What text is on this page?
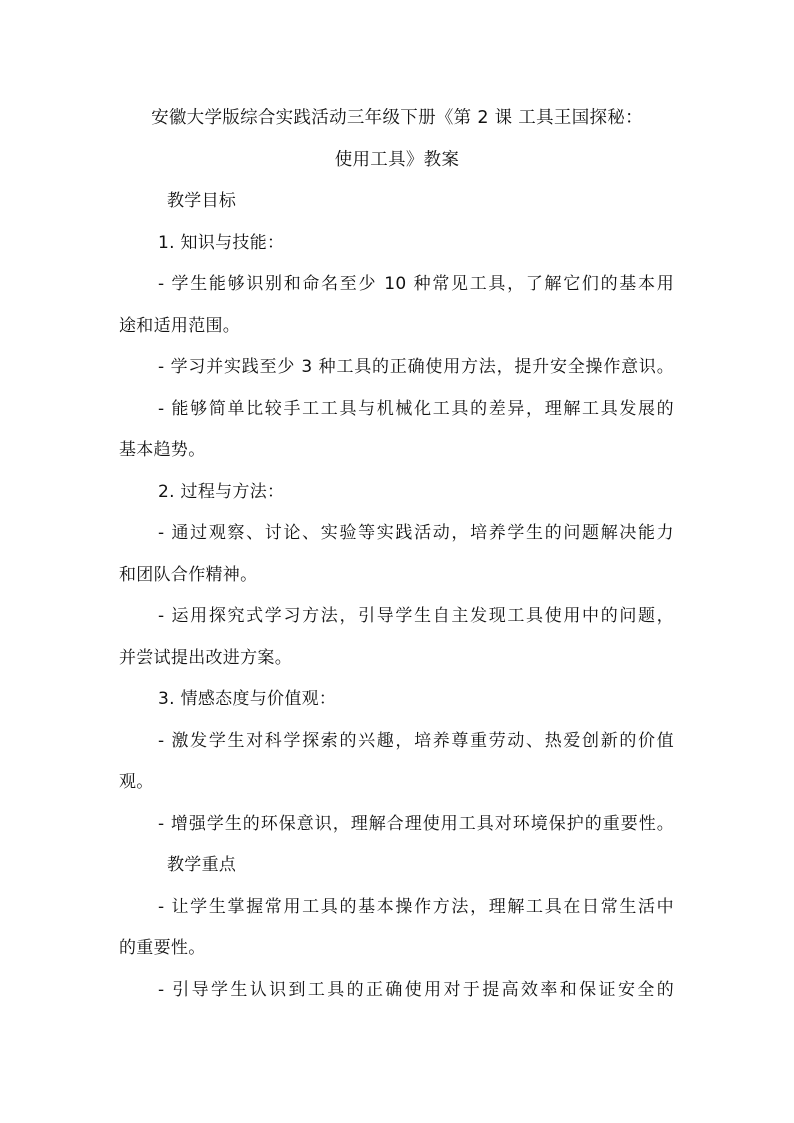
安徽大学版综合实践活动三年级下册《第 2 课 工具王国探秘：
使用工具》教案
教学目标
1. 知识与技能：
- 学生能够识别和命名至少 10 种常见工具，了解它们的基本用
途和适用范围。
- 学习并实践至少 3 种工具的正确使用方法，提升安全操作意识。
- 能够简单比较手工工具与机械化工具的差异，理解工具发展的
基本趋势。
2. 过程与方法：
- 通过观察、讨论、实验等实践活动，培养学生的问题解决能力
和团队合作精神。
- 运用探究式学习方法，引导学生自主发现工具使用中的问题，
并尝试提出改进方案。
3. 情感态度与价值观：
- 激发学生对科学探索的兴趣，培养尊重劳动、热爱创新的价值
观。
- 增强学生的环保意识，理解合理使用工具对环境保护的重要性。
教学重点
- 让学生掌握常用工具的基本操作方法，理解工具在日常生活中
的重要性。
- 引导学生认识到工具的正确使用对于提高效率和保证安全的
